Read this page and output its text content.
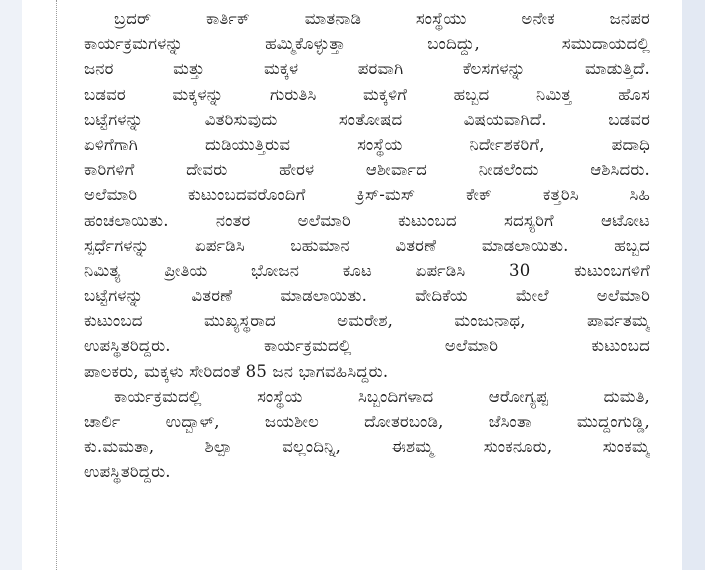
ಬ್ರದರ್ ಕಾರ್ತಿಕ್ ಮಾತನಾಡಿ ಸಂಸ್ಥೆಯು ಅನೇಕ ಜನಪರ
ಕಾರ್ಯಕ್ರಮಗಳನ್ನು ಹಮ್ಮಿಕೊಳ್ಳುತ್ತಾ ಬಂದಿದ್ದು, ಸಮುದಾಯದಲ್ಲಿ
ಜನರ ಮತ್ತು ಮಕ್ಕಳ ಪರವಾಗಿ ಕೆಲಸಗಳನ್ನು ಮಾಡುತ್ತಿದೆ.
ಬಡವರ ಮಕ್ಕಳನ್ನು ಗುರುತಿಸಿ ಮಕ್ಕಳಿಗೆ ಹಬ್ಬದ ನಿಮಿತ್ತ ಹೊಸ
ಬಟ್ಟೆಗಳನ್ನು ವಿತರಿಸುವುದು ಸಂತೋಷದ ವಿಷಯವಾಗಿದೆ. ಬಡವರ
ಏಳಿಗೆಗಾಗಿ ದುಡಿಯುತ್ತಿರುವ ಸಂಸ್ಥೆಯ ನಿರ್ದೇಶಕರಿಗೆ, ಪದಾಧಿ
ಕಾರಿಗಳಿಗೆ ದೇವರು ಹೇರಳ ಆಶೀರ್ವಾದ ನೀಡಲೆಂದು ಆಶಿಸಿದರು.
ಅಲೆಮಾರಿ ಕುಟುಂಬದವರೊಂದಿಗೆ ಕ್ರಿಸ್-ಮಸ್ ಕೇಕ್ ಕತ್ತರಿಸಿ ಸಿಹಿ
ಹಂಚಲಾಯಿತು. ನಂತರ ಅಲೆಮಾರಿ ಕುಟುಂಬದ ಸದಸ್ಯರಿಗೆ ಆಟೋಟ
ಸ್ಪರ್ಧೆಗಳನ್ನು ಏರ್ಪಡಿಸಿ ಬಹುಮಾನ ವಿತರಣೆ ಮಾಡಲಾಯಿತು. ಹಬ್ಬದ
ನಿಮಿತ್ಯ ಪ್ರೀತಿಯ ಭೋಜನ ಕೂಟ ಏರ್ಪಡಿಸಿ 30 ಕುಟುಂಬಗಳಿಗೆ
ಬಟ್ಟೆಗಳನ್ನು ವಿತರಣೆ ಮಾಡಲಾಯಿತು. ವೇದಿಕೆಯ ಮೇಲೆ ಅಲೆಮಾರಿ
ಕುಟುಂಬದ ಮುಖ್ಯಸ್ಥರಾದ ಅಮರೇಶ, ಮಂಜುನಾಥ, ಪಾರ್ವತಮ್ಮ
ಉಪಸ್ಥಿತರಿದ್ದರು. ಕಾರ್ಯಕ್ರಮದಲ್ಲಿ ಅಲೆಮಾರಿ ಕುಟುಂಬದ
ಪಾಲಕರು, ಮಕ್ಕಳು ಸೇರಿದಂತೆ 85 ಜನ ಭಾಗವಹಿಸಿದ್ದರು.
ಕಾರ್ಯಕ್ರಮದಲ್ಲಿ ಸಂಸ್ಥೆಯ ಸಿಬ್ಬಂದಿಗಳಾದ ಆರೋಗ್ಯಪ್ಪ ದುಮತಿ,
ಚಾರ್ಲಿ ಉದ್ಬಾಳ್, ಜಯಶೀಲ ದೋತರಬಂಡಿ, ಜೆಸಿಂತಾ ಮುದ್ದಂಗುಡ್ಡಿ,
ಕು.ಮಮತಾ, ಶಿಲ್ಪಾ ವಲ್ಲಂದಿನ್ನಿ, ಈಶಮ್ಮ ಸುಂಕನೂರು, ಸುಂಕಮ್ಮ
ಉಪಸ್ಥಿತರಿದ್ದರು.
